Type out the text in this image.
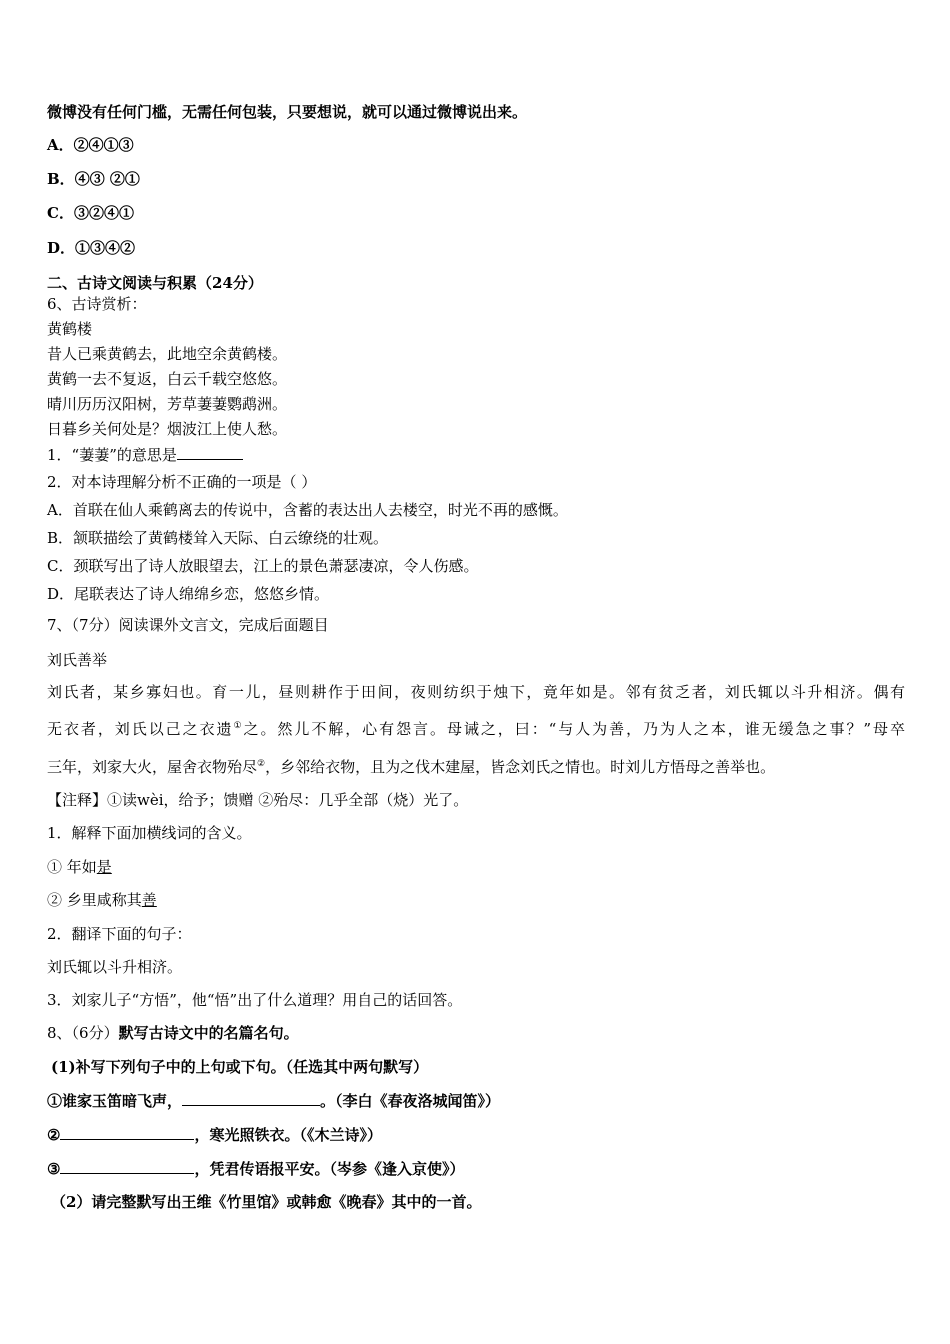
微博没有任何门槛，无需任何包装，只要想说，就可以通过微博说出来。
A．②④①③
B．④③ ②①
C．③②④①
D．①③④②
二、古诗文阅读与积累（24分）
6、古诗赏析：
黄鹤楼
昔人已乘黄鹤去，此地空余黄鹤楼。
黄鹤一去不复返，白云千载空悠悠。
晴川历历汉阳树，芳草萋萋鹦鹉洲。
日暮乡关何处是？烟波江上使人愁。
1．“萋萋”的意思是
2．对本诗理解分析不正确的一项是（ ）
A．首联在仙人乘鹤离去的传说中，含蓄的表达出人去楼空，时光不再的感慨。
B．颔联描绘了黄鹤楼耸入天际、白云缭绕的壮观。
C．颈联写出了诗人放眼望去，江上的景色萧瑟凄凉，令人伤感。
D．尾联表达了诗人绵绵乡恋，悠悠乡情。
7、（7分）阅读课外文言文，完成后面题目
刘氏善举
刘氏者，某乡寡妇也。育一儿，昼则耕作于田间，夜则纺织于烛下，竟年如是。邻有贫乏者，刘氏辄以斗升相济。偶有
无衣者，刘氏以己之衣遗①之。然儿不解，心有怨言。母诫之，曰：“与人为善，乃为人之本，谁无缓急之事？”母卒
三年，刘家大火，屋舍衣物殆尽②，乡邻给衣物，且为之伐木建屋，皆念刘氏之情也。时刘儿方悟母之善举也。
【注释】①读wèi，给予；馈赠 ②殆尽：几乎全部（烧）光了。
1．解释下面加横线词的含义。
① 年如是
② 乡里咸称其善
2．翻译下面的句子：
刘氏辄以斗升相济。
3．刘家儿子“方悟”，他“悟”出了什么道理？用自己的话回答。
8、（6分）默写古诗文中的名篇名句。
(1)补写下列句子中的上句或下句。（任选其中两句默写）
①谁家玉笛暗飞声，	。（李白《春夜洛城闻笛》）
②	，寒光照铁衣。（《木兰诗》）
③	，凭君传语报平安。（岑参《逢入京使》）
（2）请完整默写出王维《竹里馆》或韩愈《晚春》其中的一首。
